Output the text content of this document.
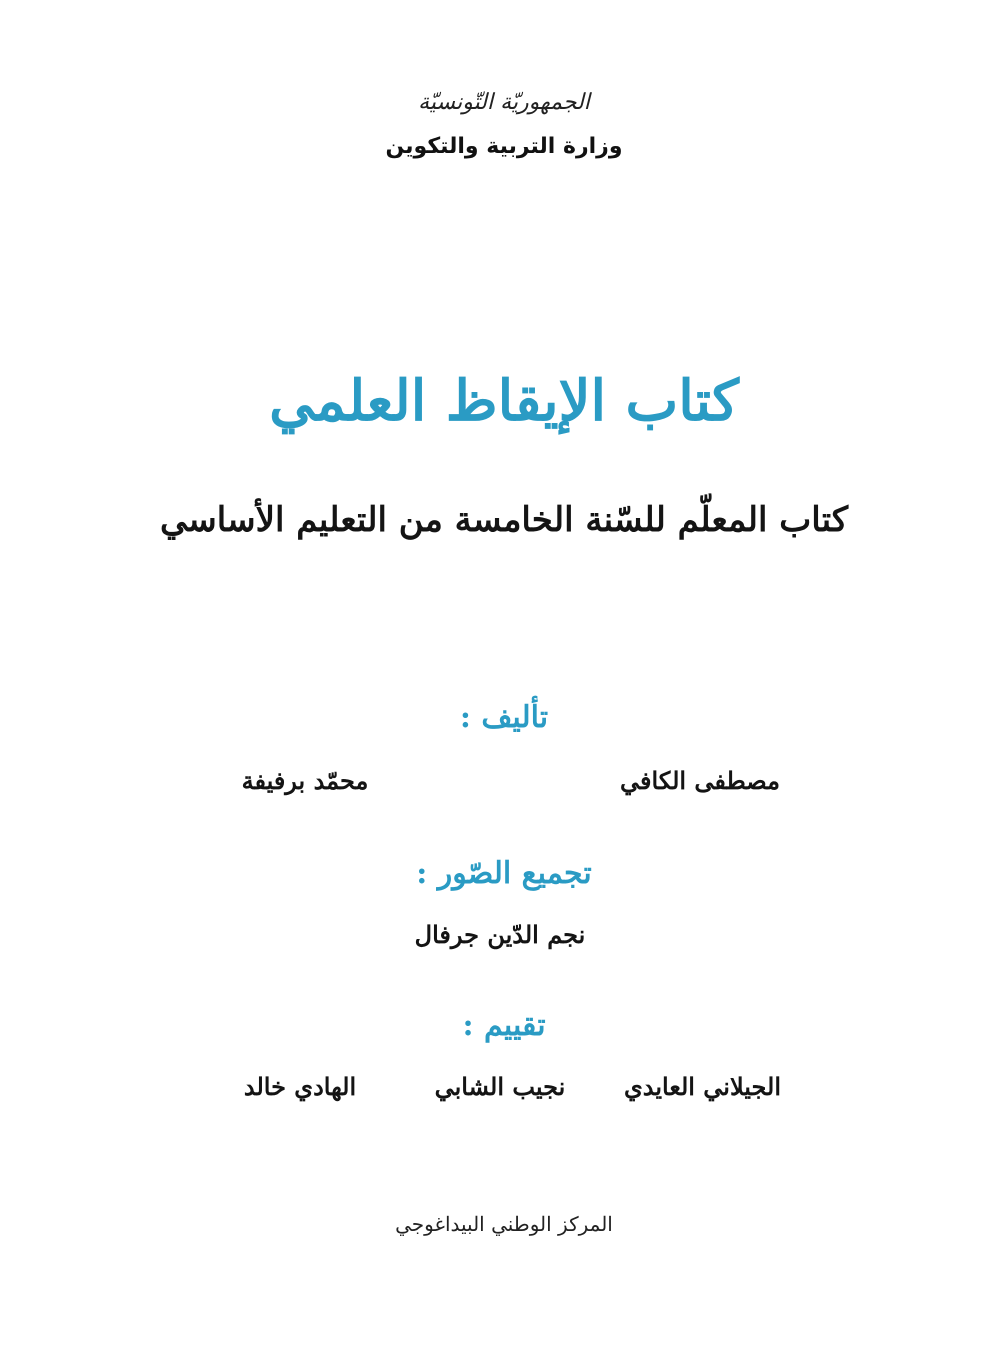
الجمهوريّة التّونسيّة
وزارة التربية والتكوين
كتاب الإيقاظ العلمي
كتاب المعلّم للسّنة الخامسة من التعليم الأساسي
تأليف :
مصطفى الكافي
محمّد برفيفة
تجميع الصّور :
نجم الدّين جرفال
تقييم :
الجيلاني العايدي
نجيب الشابي
الهادي خالد
المركز الوطني البيداغوجي
